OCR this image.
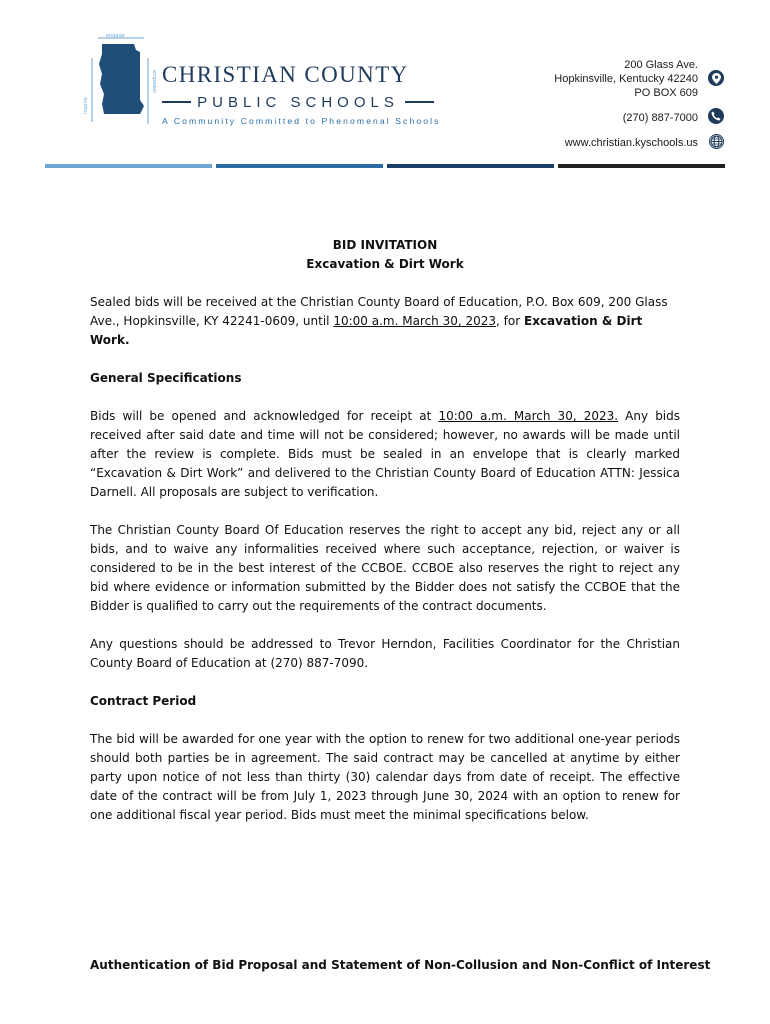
inspire
engage
empower CHRISTIAN COUNTY
PUBLIC SCHOOLS
A Community Committed to Phenomenal Schools
200 Glass Ave.
Hopkinsville, Kentucky 42240
PO BOX 609
(270) 887-7000
www.christian.kyschools.us
BID INVITATION
Excavation & Dirt Work

Sealed bids will be received at the Christian County Board of Education, P.O. Box 609, 200 Glass Ave., Hopkinsville, KY 42241-0609, until 10:00 a.m. March 30, 2023, for Excavation & Dirt Work.

General Specifications

Bids will be opened and acknowledged for receipt at 10:00 a.m. March 30, 2023. Any bids received after said date and time will not be considered; however, no awards will be made until after the review is complete. Bids must be sealed in an envelope that is clearly marked “Excavation & Dirt Work” and delivered to the Christian County Board of Education ATTN: Jessica Darnell. All proposals are subject to verification.

The Christian County Board Of Education reserves the right to accept any bid, reject any or all bids, and to waive any informalities received where such acceptance, rejection, or waiver is considered to be in the best interest of the CCBOE. CCBOE also reserves the right to reject any bid where evidence or information submitted by the Bidder does not satisfy the CCBOE that the Bidder is qualified to carry out the requirements of the contract documents.

Any questions should be addressed to Trevor Herndon, Facilities Coordinator for the Christian County Board of Education at (270) 887-7090.

Contract Period

The bid will be awarded for one year with the option to renew for two additional one-year periods should both parties be in agreement. The said contract may be cancelled at anytime by either party upon notice of not less than thirty (30) calendar days from date of receipt. The effective date of the contract will be from July 1, 2023 through June 30, 2024 with an option to renew for one additional fiscal year period. Bids must meet the minimal specifications below.

Authentication of Bid Proposal and Statement of Non-Collusion and Non-Conflict of Interest
